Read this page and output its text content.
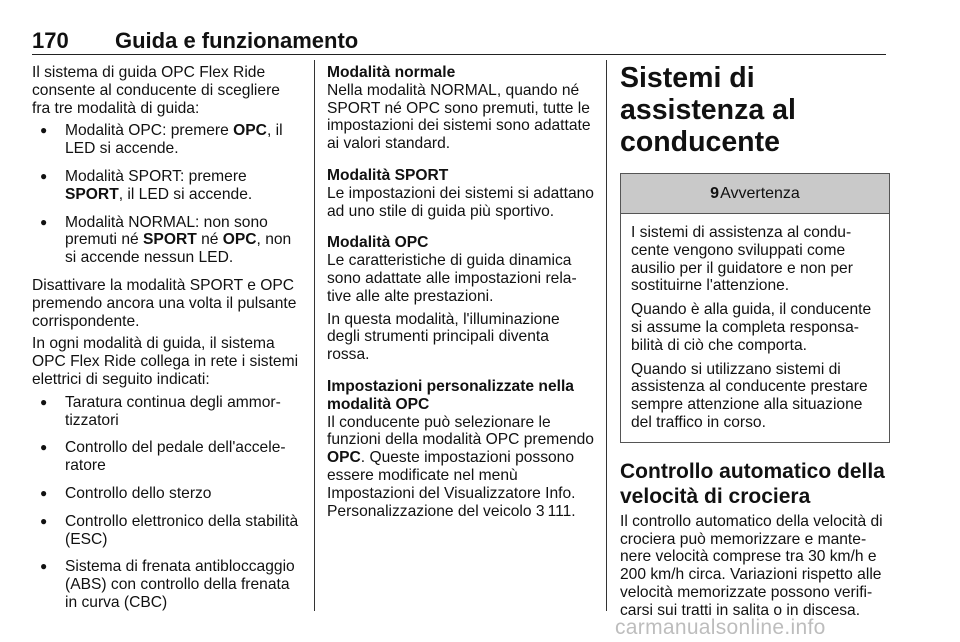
170 Guida e funzionamento

Il sistema di guida OPC Flex Ride consente al conducente di scegliere fra tre modalità di guida:

● Modalità OPC: premere OPC, il LED si accende.
● Modalità SPORT: premere SPORT, il LED si accende.
● Modalità NORMAL: non sono premuti né SPORT né OPC, non si accende nessun LED.

Disattivare la modalità SPORT e OPC premendo ancora una volta il pulsante corrispondente.

In ogni modalità di guida, il sistema OPC Flex Ride collega in rete i sistemi elettrici di seguito indicati:

● Taratura continua degli ammortizzatori
● Controllo del pedale dell'acceleratore
● Controllo dello sterzo
● Controllo elettronico della stabilità (ESC)
● Sistema di frenata antibloccaggio (ABS) con controllo della frenata in curva (CBC)
Modalità normale

Nella modalità NORMAL, quando né SPORT né OPC sono premuti, tutte le impostazioni dei sistemi sono adattate ai valori standard.

Modalità SPORT

Le impostazioni dei sistemi si adattano ad uno stile di guida più sportivo.

Modalità OPC

Le caratteristiche di guida dinamica sono adattate alle impostazioni relative alle alte prestazioni.

In questa modalità, l'illuminazione degli strumenti principali diventa rossa.

Impostazioni personalizzate nella modalità OPC

Il conducente può selezionare le funzioni della modalità OPC premendo OPC. Queste impostazioni possono essere modificate nel menù Impostazioni del Visualizzatore Info. Personalizzazione del veicolo 3 111.

Sistemi di assistenza al conducente
9 Avvertenza

I sistemi di assistenza al conducente vengono sviluppati come ausilio per il guidatore e non per sostituirne l'attenzione.

Quando è alla guida, il conducente si assume la completa responsabilità di ciò che comporta.

Quando si utilizzano sistemi di assistenza al conducente prestare sempre attenzione alla situazione del traffico in corso.

Controllo automatico della velocità di crociera

Il controllo automatico della velocità di crociera può memorizzare e mantenere velocità comprese tra 30 km/h e 200 km/h circa. Variazioni rispetto alle velocità memorizzate possono verificarsi sui tratti in salita o in discesa.

carmanualsonline.info
